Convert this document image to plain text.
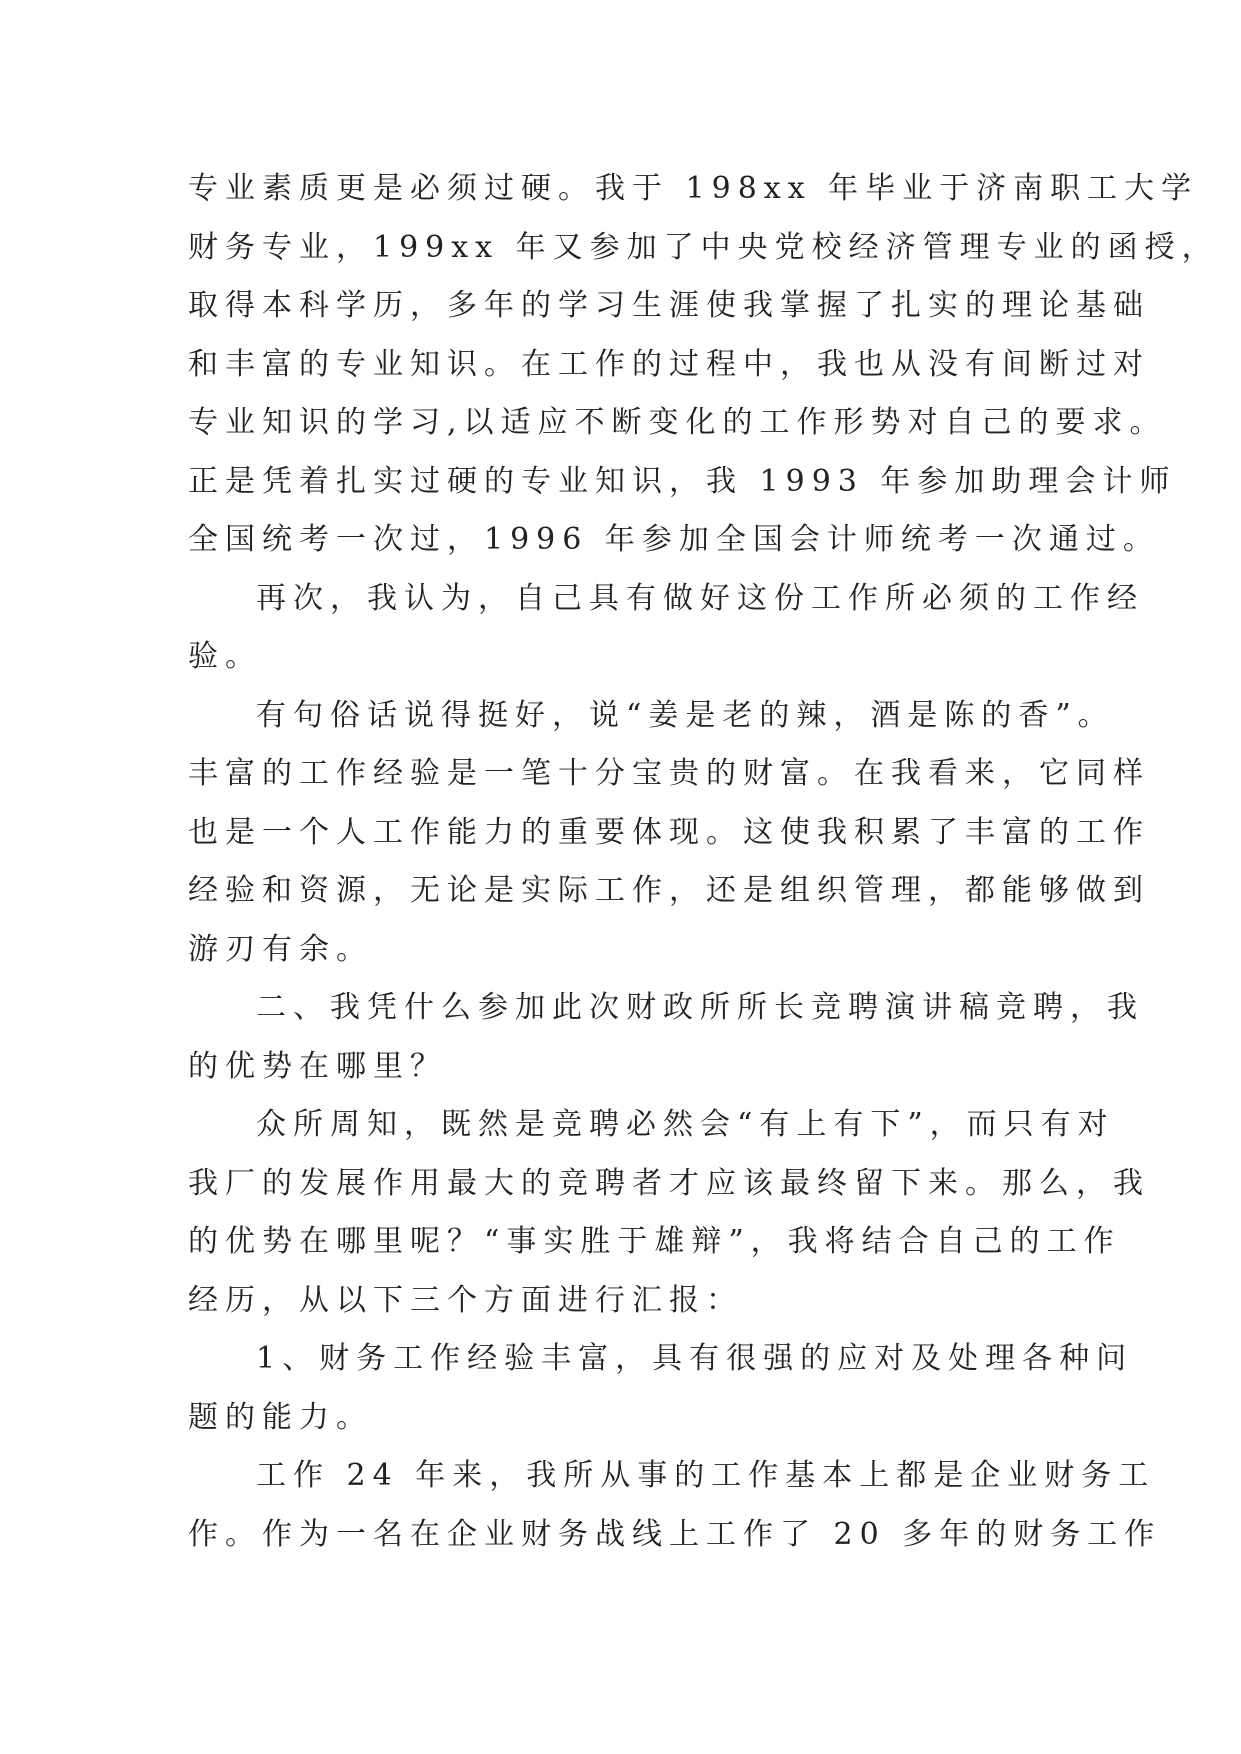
专业素质更是必须过硬。我于 198xx 年毕业于济南职工大学
财务专业，199xx 年又参加了中央党校经济管理专业的函授，
取得本科学历，多年的学习生涯使我掌握了扎实的理论基础
和丰富的专业知识。在工作的过程中，我也从没有间断过对
专业知识的学习,以适应不断变化的工作形势对自己的要求。
正是凭着扎实过硬的专业知识，我 1993 年参加助理会计师
全国统考一次过，1996 年参加全国会计师统考一次通过。
再次，我认为，自己具有做好这份工作所必须的工作经
验。
有句俗话说得挺好，说“姜是老的辣，酒是陈的香”。
丰富的工作经验是一笔十分宝贵的财富。在我看来，它同样
也是一个人工作能力的重要体现。这使我积累了丰富的工作
经验和资源，无论是实际工作，还是组织管理，都能够做到
游刃有余。
二、我凭什么参加此次财政所所长竞聘演讲稿竞聘，我
的优势在哪里？
众所周知，既然是竞聘必然会“有上有下”，而只有对
我厂的发展作用最大的竞聘者才应该最终留下来。那么，我
的优势在哪里呢？“事实胜于雄辩”，我将结合自己的工作
经历，从以下三个方面进行汇报：
1、财务工作经验丰富，具有很强的应对及处理各种问
题的能力。
工作 24 年来，我所从事的工作基本上都是企业财务工
作。作为一名在企业财务战线上工作了 20 多年的财务工作
